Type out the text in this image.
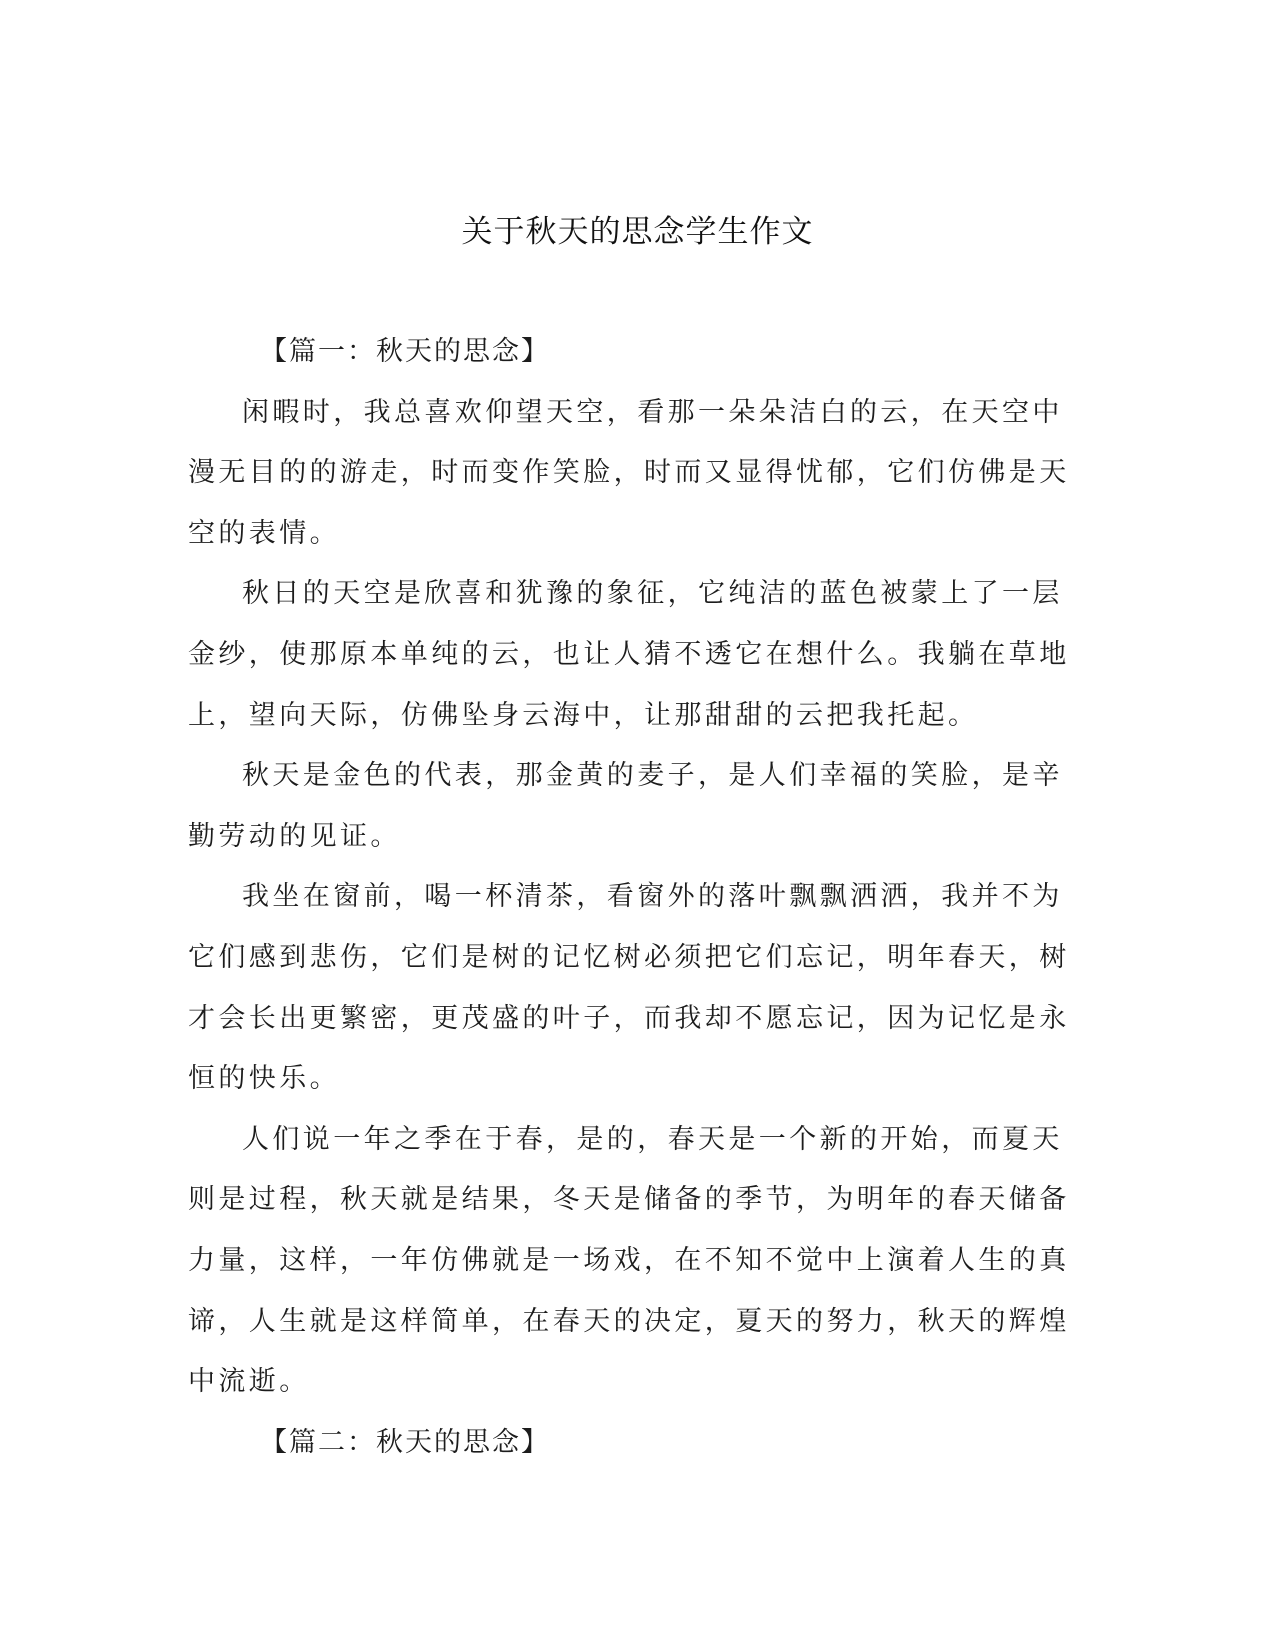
关于秋天的思念学生作文

【篇一：秋天的思念】

闲暇时，我总喜欢仰望天空，看那一朵朵洁白的云，在天空中漫无目的的游走，时而变作笑脸，时而又显得忧郁，它们仿佛是天空的表情。

秋日的天空是欣喜和犹豫的象征，它纯洁的蓝色被蒙上了一层金纱，使那原本单纯的云，也让人猜不透它在想什么。我躺在草地上，望向天际，仿佛坠身云海中，让那甜甜的云把我托起。

秋天是金色的代表，那金黄的麦子，是人们幸福的笑脸，是辛勤劳动的见证。

我坐在窗前，喝一杯清茶，看窗外的落叶飘飘洒洒，我并不为它们感到悲伤，它们是树的记忆树必须把它们忘记，明年春天，树才会长出更繁密，更茂盛的叶子，而我却不愿忘记，因为记忆是永恒的快乐。

人们说一年之季在于春，是的，春天是一个新的开始，而夏天则是过程，秋天就是结果，冬天是储备的季节，为明年的春天储备力量，这样，一年仿佛就是一场戏，在不知不觉中上演着人生的真谛，人生就是这样简单，在春天的决定，夏天的努力，秋天的辉煌中流逝。

【篇二：秋天的思念】
